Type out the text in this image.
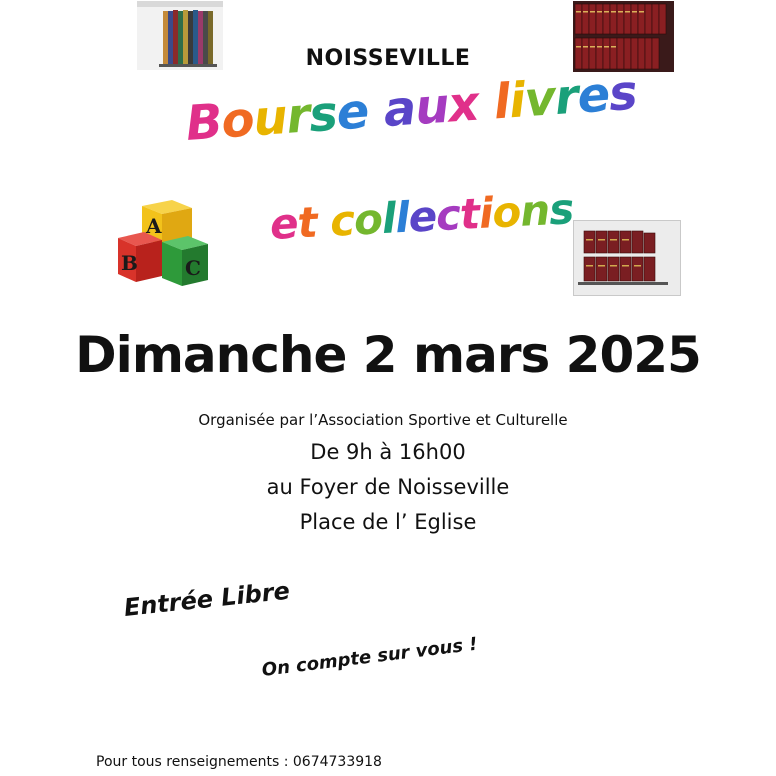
NOISSEVILLE
Bourse aux livres
A
B C
et collections
Dimanche 2 mars 2025
Organisée par l’Association Sportive et Culturelle
De 9h à 16h00
au Foyer de Noisseville
Place de l’ Eglise
Entrée Libre
On compte sur vous !
Pour tous renseignements : 0674733918
